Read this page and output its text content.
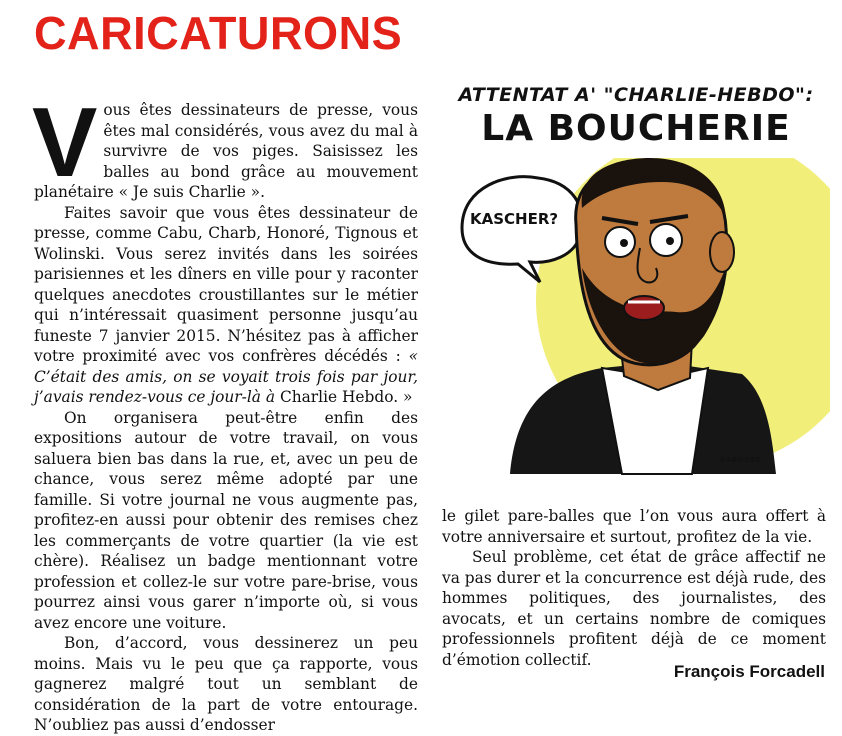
CARICATURONS

V ous êtes dessinateurs de presse, vous êtes mal considérés, vous avez du mal à survivre de vos piges. Saisissez les balles au bond grâce au mouvement planétaire « Je suis Charlie ».

Faites savoir que vous êtes dessinateur de presse, comme Cabu, Charb, Honoré, Tignous et Wolinski. Vous serez invités dans les soirées parisiennes et les dîners en ville pour y raconter quelques anecdotes croustillantes sur le métier qui n’intéressait quasiment personne jusqu’au funeste 7 janvier 2015. N’hésitez pas à afficher votre proximité avec vos confrères décédés : « C’était des amis, on se voyait trois fois par jour, j’avais rendez-vous ce jour-là à Charlie Hebdo. »

On organisera peut-être enfin des expositions autour de votre travail, on vous saluera bien bas dans la rue, et, avec un peu de chance, vous serez même adopté par une famille. Si votre journal ne vous augmente pas, profitez-en aussi pour obtenir des remises chez les commerçants de votre quartier (la vie est chère). Réalisez un badge mentionnant votre profession et collez-le sur votre pare-brise, vous pourrez ainsi vous garer n’importe où, si vous avez encore une voiture.

Bon, d’accord, vous dessinerez un peu moins. Mais vu le peu que ça rapporte, vous gagnerez malgré tout un semblant de considération de la part de votre entourage. N’oubliez pas aussi d’endosser

ATTENTAT A' "CHARLIE-HEBDO":
LA BOUCHERIE
KASCHER?
BABOUSE

le gilet pare-balles que l’on vous aura offert à votre anniversaire et surtout, profitez de la vie.

Seul problème, cet état de grâce affectif ne va pas durer et la concurrence est déjà rude, des hommes politiques, des journalistes, des avocats, et un certains nombre de comiques professionnels profitent déjà de ce moment d’émotion collectif.

François Forcadell
